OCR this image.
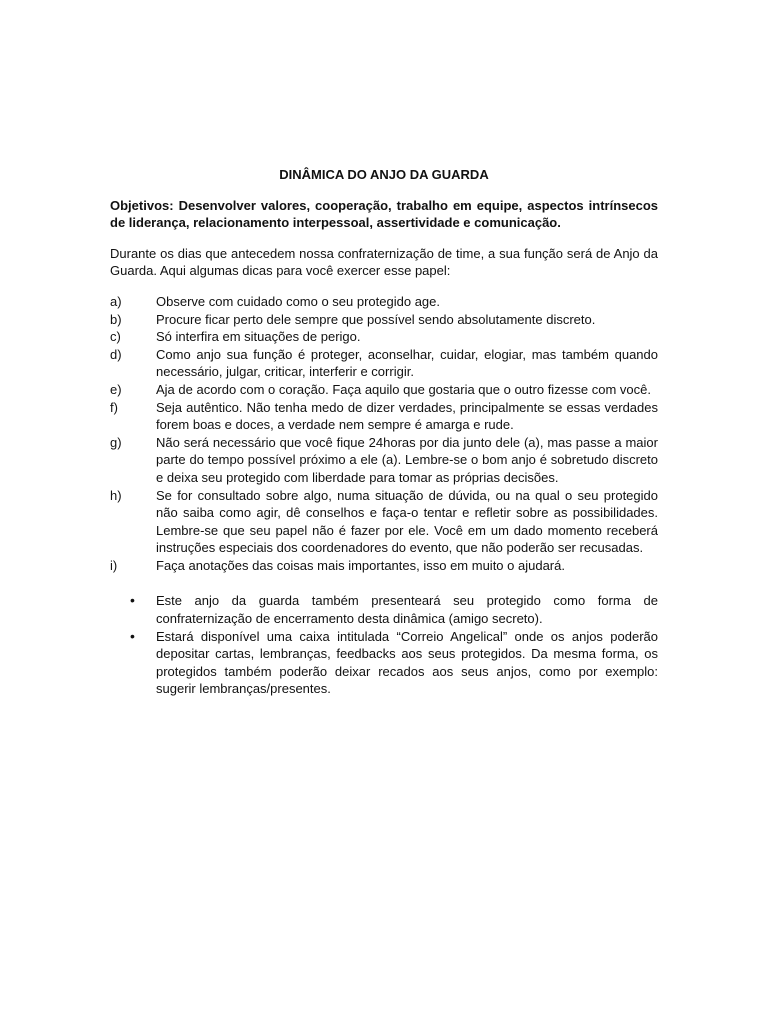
DINÂMICA DO ANJO DA GUARDA

Objetivos: Desenvolver valores, cooperação, trabalho em equipe, aspectos intrínsecos de liderança, relacionamento interpessoal, assertividade e comunicação.

Durante os dias que antecedem nossa confraternização de time, a sua função será de Anjo da Guarda. Aqui algumas dicas para você exercer esse papel:

a)	Observe com cuidado como o seu protegido age.
b)	Procure ficar perto dele sempre que possível sendo absolutamente discreto.
c)	Só interfira em situações de perigo.
d)	Como anjo sua função é proteger, aconselhar, cuidar, elogiar, mas também quando necessário, julgar, criticar, interferir e corrigir.
e)	Aja de acordo com o coração. Faça aquilo que gostaria que o outro fizesse com você.
f)	Seja autêntico. Não tenha medo de dizer verdades, principalmente se essas verdades forem boas e doces, a verdade nem sempre é amarga e rude.
g)	Não será necessário que você fique 24horas por dia junto dele (a), mas passe a maior parte do tempo possível próximo a ele (a). Lembre-se o bom anjo é sobretudo discreto e deixa seu protegido com liberdade para tomar as próprias decisões.
h)	Se for consultado sobre algo, numa situação de dúvida, ou na qual o seu protegido não saiba como agir, dê conselhos e faça-o tentar e refletir sobre as possibilidades. Lembre-se que seu papel não é fazer por ele. Você em um dado momento receberá instruções especiais dos coordenadores do evento, que não poderão ser recusadas.
i)	Faça anotações das coisas mais importantes, isso em muito o ajudará.
• Este anjo da guarda também presenteará seu protegido como forma de confraternização de encerramento desta dinâmica (amigo secreto).
• Estará disponível uma caixa intitulada “Correio Angelical” onde os anjos poderão depositar cartas, lembranças, feedbacks aos seus protegidos. Da mesma forma, os protegidos também poderão deixar recados aos seus anjos, como por exemplo: sugerir lembranças/presentes.
